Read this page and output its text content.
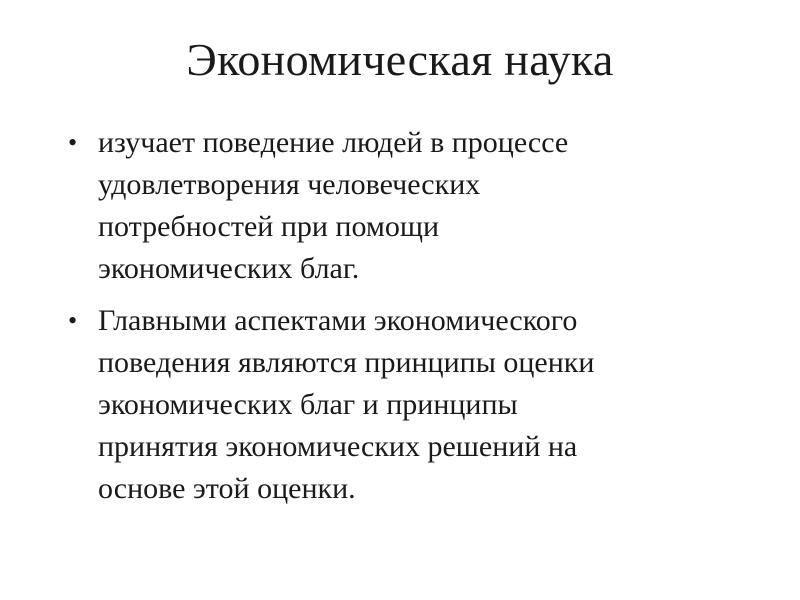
Экономическая наука
• изучает поведение людей в процессе
удовлетворения человеческих
потребностей при помощи
экономических благ.
• Главными аспектами экономического
поведения являются принципы оценки
экономических благ и принципы
принятия экономических решений на
основе этой оценки.
